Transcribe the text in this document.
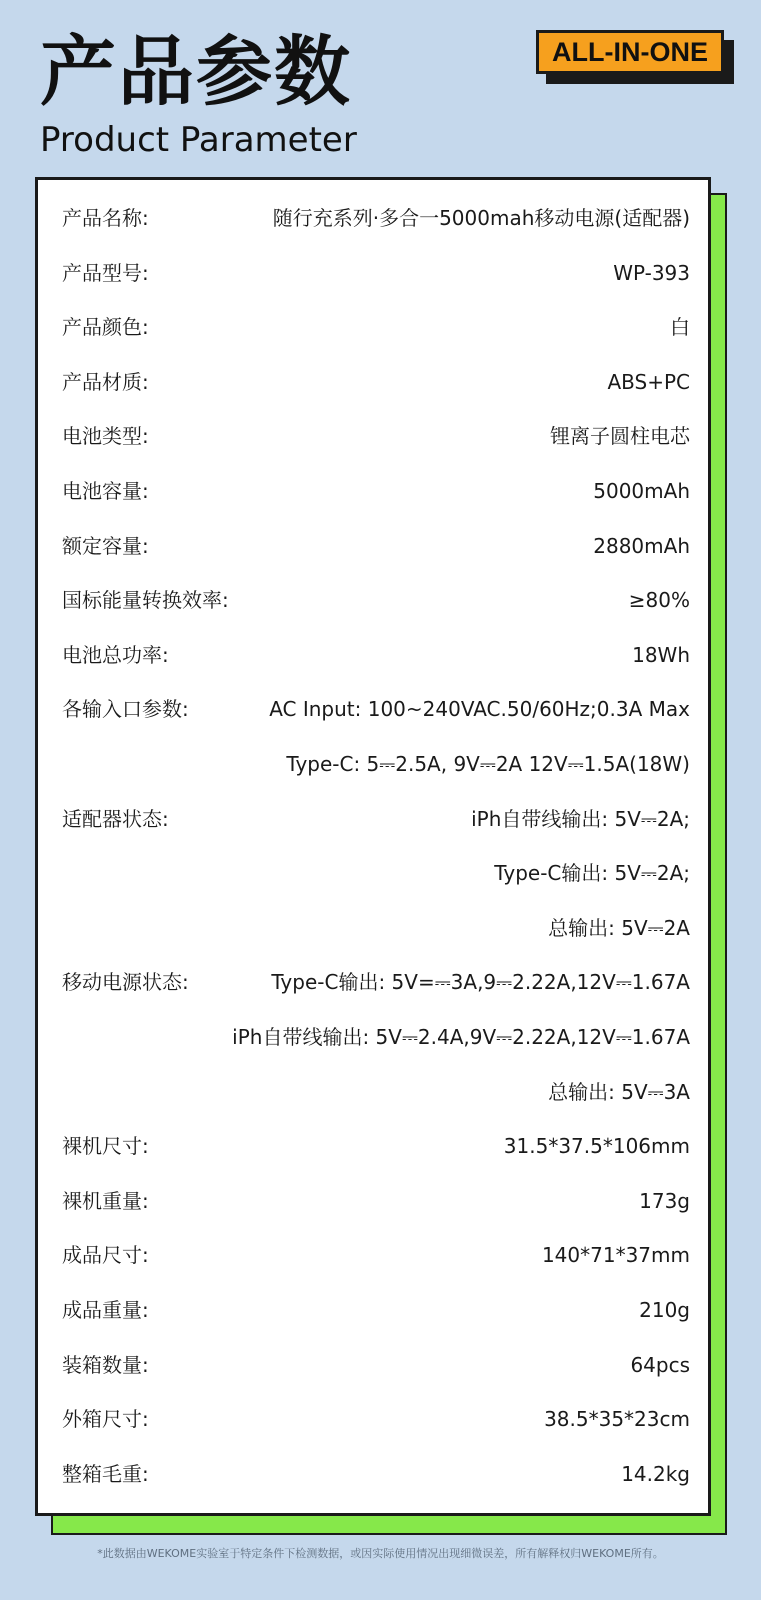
产品参数
Product Parameter
ALL-IN-ONE
产品名称:	随行充系列·多合一5000mah移动电源(适配器)
产品型号:	WP-393
产品颜色:	白
产品材质:	ABS+PC
电池类型:	锂离子圆柱电芯
电池容量:	5000mAh
额定容量:	2880mAh
国标能量转换效率:	≥80%
电池总功率:	18Wh
各输入口参数:	AC Input: 100~240VAC.50/60Hz;0.3A Max
Type-C: 5⎓2.5A, 9V⎓2A 12V⎓1.5A(18W)
适配器状态:	iPh自带线输出: 5V⎓2A;
Type-C输出: 5V⎓2A;
总输出: 5V⎓2A
移动电源状态:	Type-C输出: 5V=⎓3A,9⎓2.22A,12V⎓1.67A
iPh自带线输出: 5V⎓2.4A,9V⎓2.22A,12V⎓1.67A
总输出: 5V⎓3A
裸机尺寸:	31.5*37.5*106mm
裸机重量:	173g
成品尺寸:	140*71*37mm
成品重量:	210g
装箱数量:	64pcs
外箱尺寸:	38.5*35*23cm
整箱毛重:	14.2kg
*此数据由WEKOME实验室于特定条件下检测数据，或因实际使用情况出现细微误差，所有解释权归WEKOME所有。
